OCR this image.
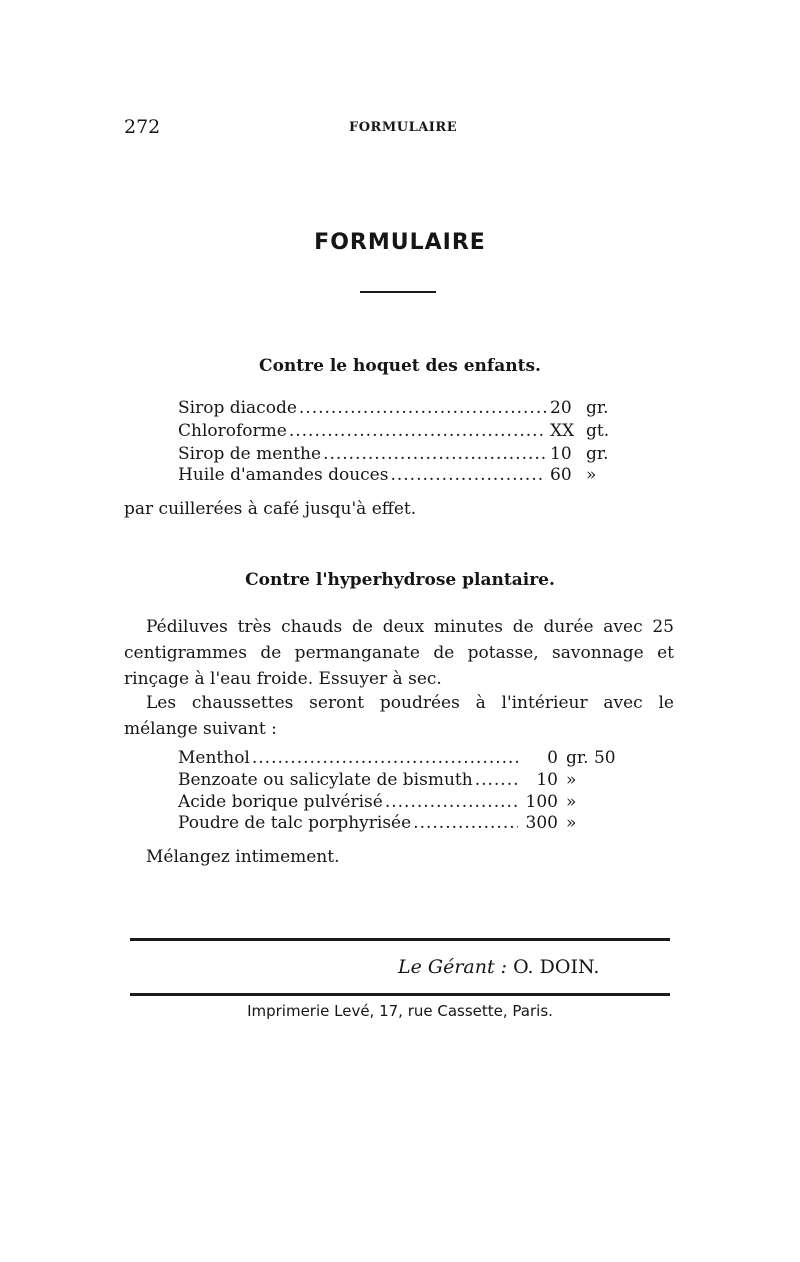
272	FORMULAIRE
FORMULAIRE
Contre le hoquet des enfants.
Sirop diacode .....	20 gr.
Chloroforme .....	XX gt.
Sirop de menthe .....	10 gr.
Huile d'amandes douces .....	60 »
par cuillerées à café jusqu'à effet.
Contre l'hyperhydrose plantaire.
Pédiluves très chauds de deux minutes de durée avec 25 centigrammes de permanganate de potasse, savonnage et rinçage à l'eau froide. Essuyer à sec.
Les chaussettes seront poudrées à l'intérieur avec le mélange suivant :
Menthol .....	0 gr. 50
Benzoate ou salicylate de bismuth .....	10 »
Acide borique pulvérisé .....	100 »
Poudre de talc porphyrisée .....	300 »
Mélangez intimement.
Le Gérant : O. DOIN.
Imprimerie Levé, 17, rue Cassette, Paris.
